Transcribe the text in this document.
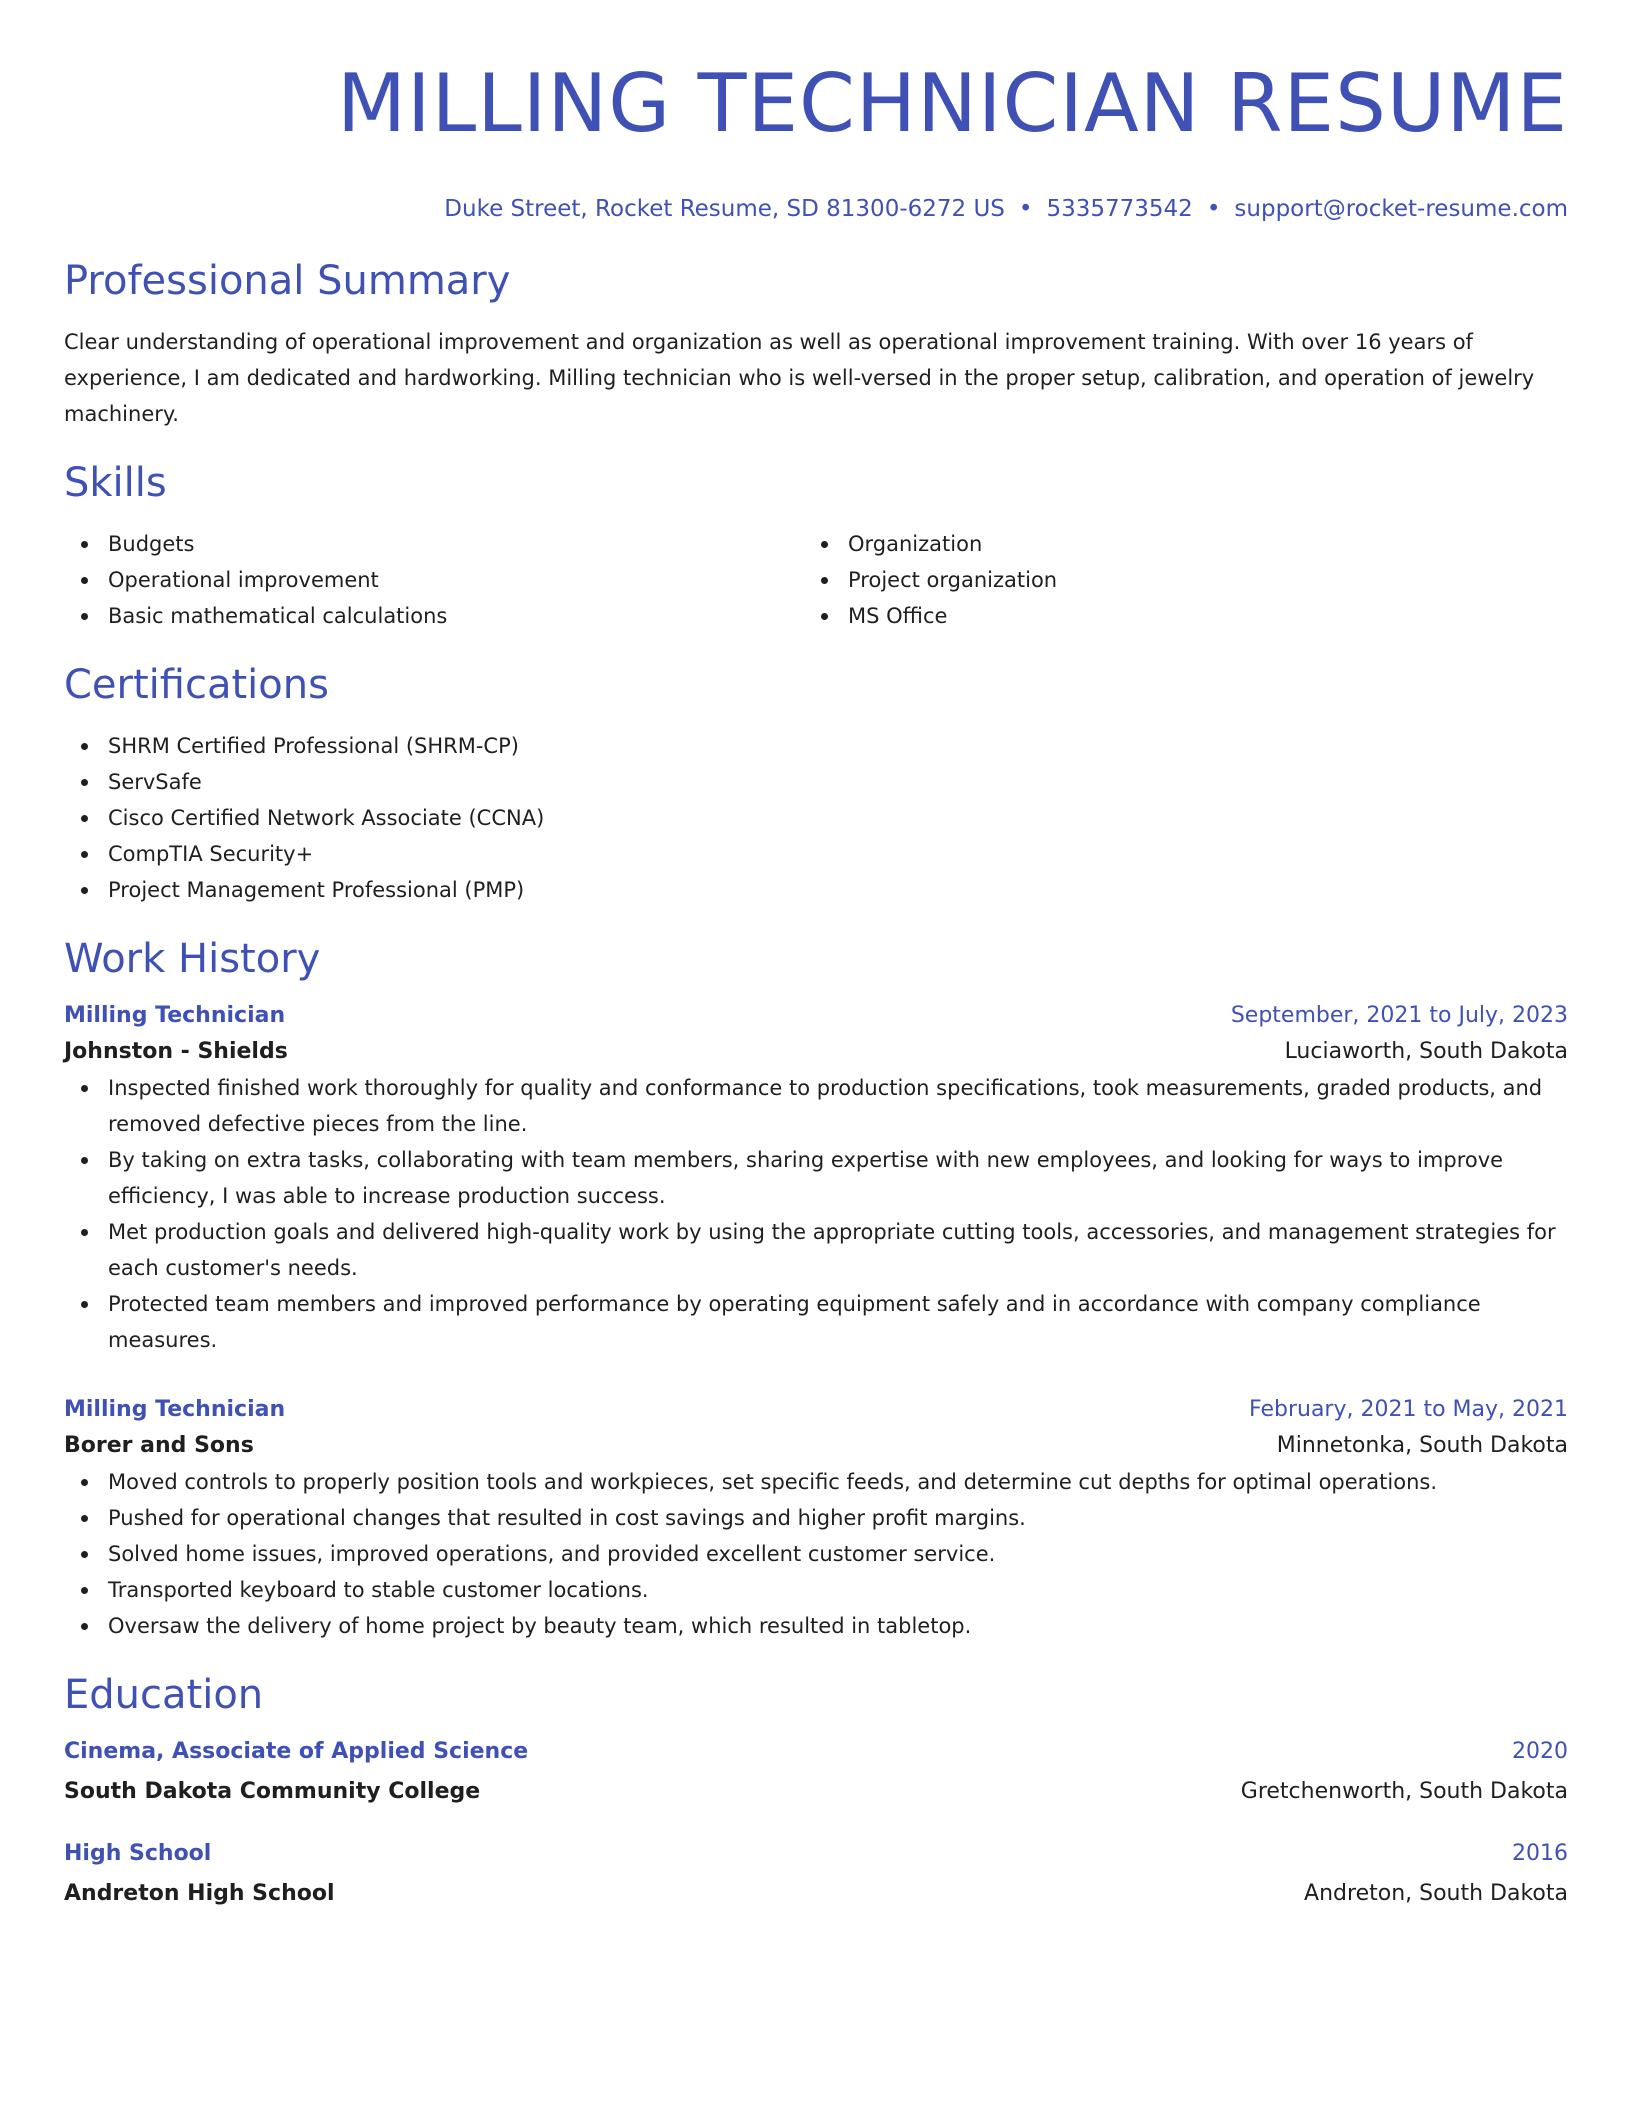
MILLING TECHNICIAN RESUME
Duke Street, Rocket Resume, SD 81300-6272 US • 5335773542 • support@rocket-resume.com
Professional Summary

Clear understanding of operational improvement and organization as well as operational improvement training. With over 16 years of experience, I am dedicated and hardworking. Milling technician who is well-versed in the proper setup, calibration, and operation of jewelry machinery.

Skills
Budgets
Operational improvement
Basic mathematical calculations
Organization
Project organization
MS Office
Certifications
SHRM Certified Professional (SHRM-CP)
ServSafe
Cisco Certified Network Associate (CCNA)
CompTIA Security+
Project Management Professional (PMP)
Work History
Milling Technician	September, 2021 to July, 2023
Johnston - Shields	Luciaworth, South Dakota
Inspected finished work thoroughly for quality and conformance to production specifications, took measurements, graded products, and removed defective pieces from the line.
By taking on extra tasks, collaborating with team members, sharing expertise with new employees, and looking for ways to improve efficiency, I was able to increase production success.
Met production goals and delivered high-quality work by using the appropriate cutting tools, accessories, and management strategies for each customer's needs.
Protected team members and improved performance by operating equipment safely and in accordance with company compliance measures.
Milling Technician	February, 2021 to May, 2021
Borer and Sons	Minnetonka, South Dakota
Moved controls to properly position tools and workpieces, set specific feeds, and determine cut depths for optimal operations.
Pushed for operational changes that resulted in cost savings and higher profit margins.
Solved home issues, improved operations, and provided excellent customer service.
Transported keyboard to stable customer locations.
Oversaw the delivery of home project by beauty team, which resulted in tabletop.
Education
Cinema, Associate of Applied Science	2020
South Dakota Community College	Gretchenworth, South Dakota
High School	2016
Andreton High School	Andreton, South Dakota
